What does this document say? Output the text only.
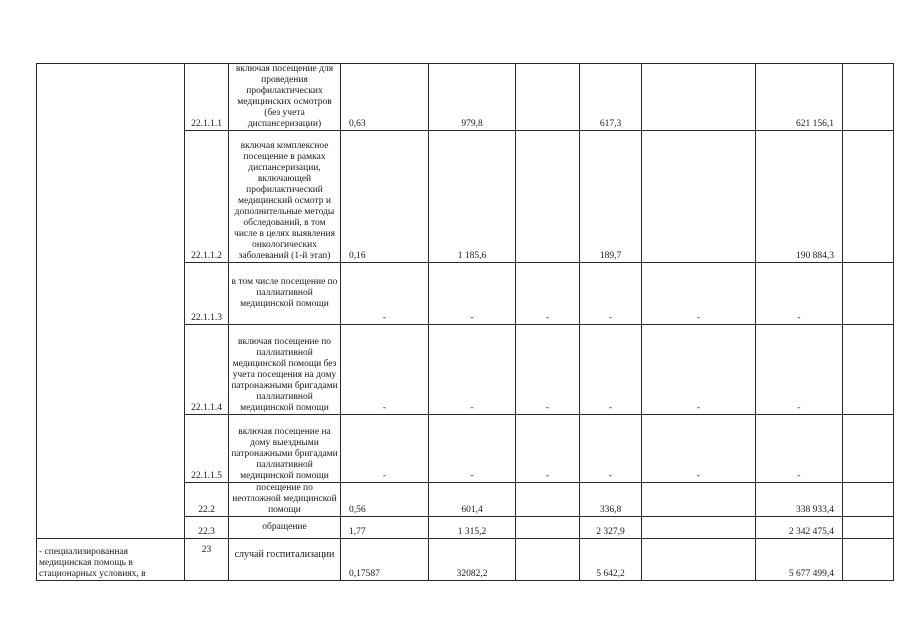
	22.1.1.1	включая посещение для проведения профилактических медицинских осмотров (без учета диспансеризации)	0,63	979,8		617,3		621 156,1	
	22.1.1.2	включая комплексное посещение в рамках диспансеризации, включающей профилактический медицинский осмотр и дополнительные методы обследований, в том числе в целях выявления онкологических заболеваний (1-й этап)	0,16	1 185,6		189,7		190 884,3	
	22.1.1.3	в том числе посещение по паллиативной медицинской помощи	-	-	-	-	-	-	
	22.1.1.4	включая посещение по паллиативной медицинской помощи без учета посещения на дому патронажными бригадами паллиативной медицинской помощи	-	-	-	-	-	-	
	22.1.1.5	включая посещение на дому выездными патронажными бригадами паллиативной медицинской помощи	-	-	-	-	-	-	
	22.2	посещение по неотложной медицинской помощи	0,56	601,4		336,8		338 933,4	
	22.3	обращение	1,77	1 315,2		2 327,9		2 342 475,4	
- специализированная медицинская помощь в стационарных условиях, в	23	случай госпитализации	0,17587	32082,2		5 642,2		5 677 499,4	
